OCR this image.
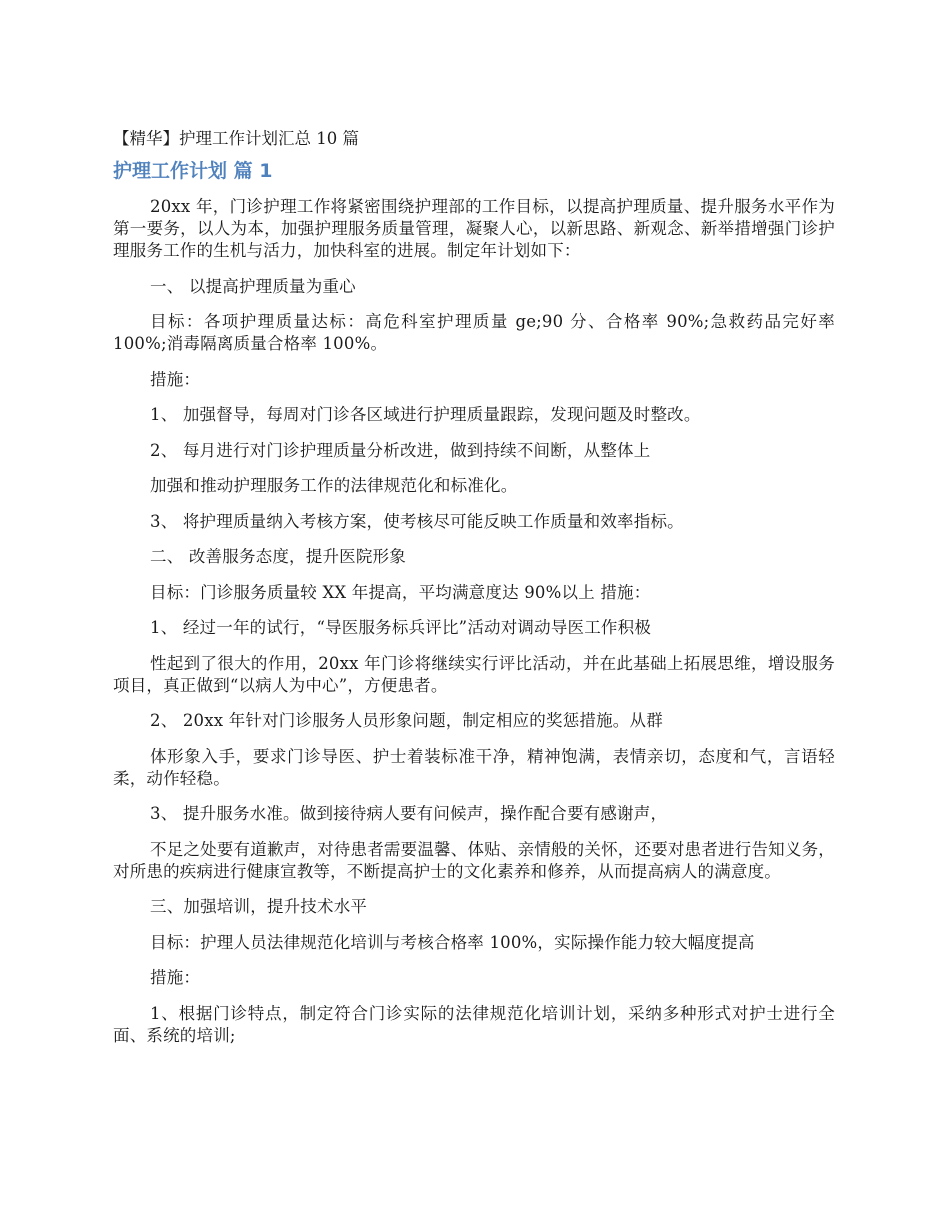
【精华】护理工作计划汇总 10 篇
护理工作计划 篇 1

20xx 年，门诊护理工作将紧密围绕护理部的工作目标，以提高护理质量、提升服务水平作为第一要务，以人为本，加强护理服务质量管理，凝聚人心，以新思路、新观念、新举措增强门诊护理服务工作的生机与活力，加快科室的进展。制定年计划如下：

一、 以提高护理质量为重心

目标：各项护理质量达标：高危科室护理质量 ge;90 分、合格率 90%;急救药品完好率 100%;消毒隔离质量合格率 100%。

措施：

1、 加强督导，每周对门诊各区域进行护理质量跟踪，发现问题及时整改。

2、 每月进行对门诊护理质量分析改进，做到持续不间断，从整体上

加强和推动护理服务工作的法律规范化和标准化。

3、 将护理质量纳入考核方案，使考核尽可能反映工作质量和效率指标。

二、 改善服务态度，提升医院形象

目标：门诊服务质量较 XX 年提高，平均满意度达 90%以上 措施：

1、 经过一年的试行，“导医服务标兵评比”活动对调动导医工作积极

性起到了很大的作用，20xx 年门诊将继续实行评比活动，并在此基础上拓展思维，增设服务项目，真正做到“以病人为中心”，方便患者。

2、 20xx 年针对门诊服务人员形象问题，制定相应的奖惩措施。从群

体形象入手，要求门诊导医、护士着装标准干净，精神饱满，表情亲切，态度和气，言语轻柔，动作轻稳。

3、 提升服务水准。做到接待病人要有问候声，操作配合要有感谢声，

不足之处要有道歉声，对待患者需要温馨、体贴、亲情般的关怀，还要对患者进行告知义务，对所患的疾病进行健康宣教等，不断提高护士的文化素养和修养，从而提高病人的满意度。

三、加强培训，提升技术水平

目标：护理人员法律规范化培训与考核合格率 100%，实际操作能力较大幅度提高

措施：

1、根据门诊特点，制定符合门诊实际的法律规范化培训计划，采纳多种形式对护士进行全面、系统的培训;
